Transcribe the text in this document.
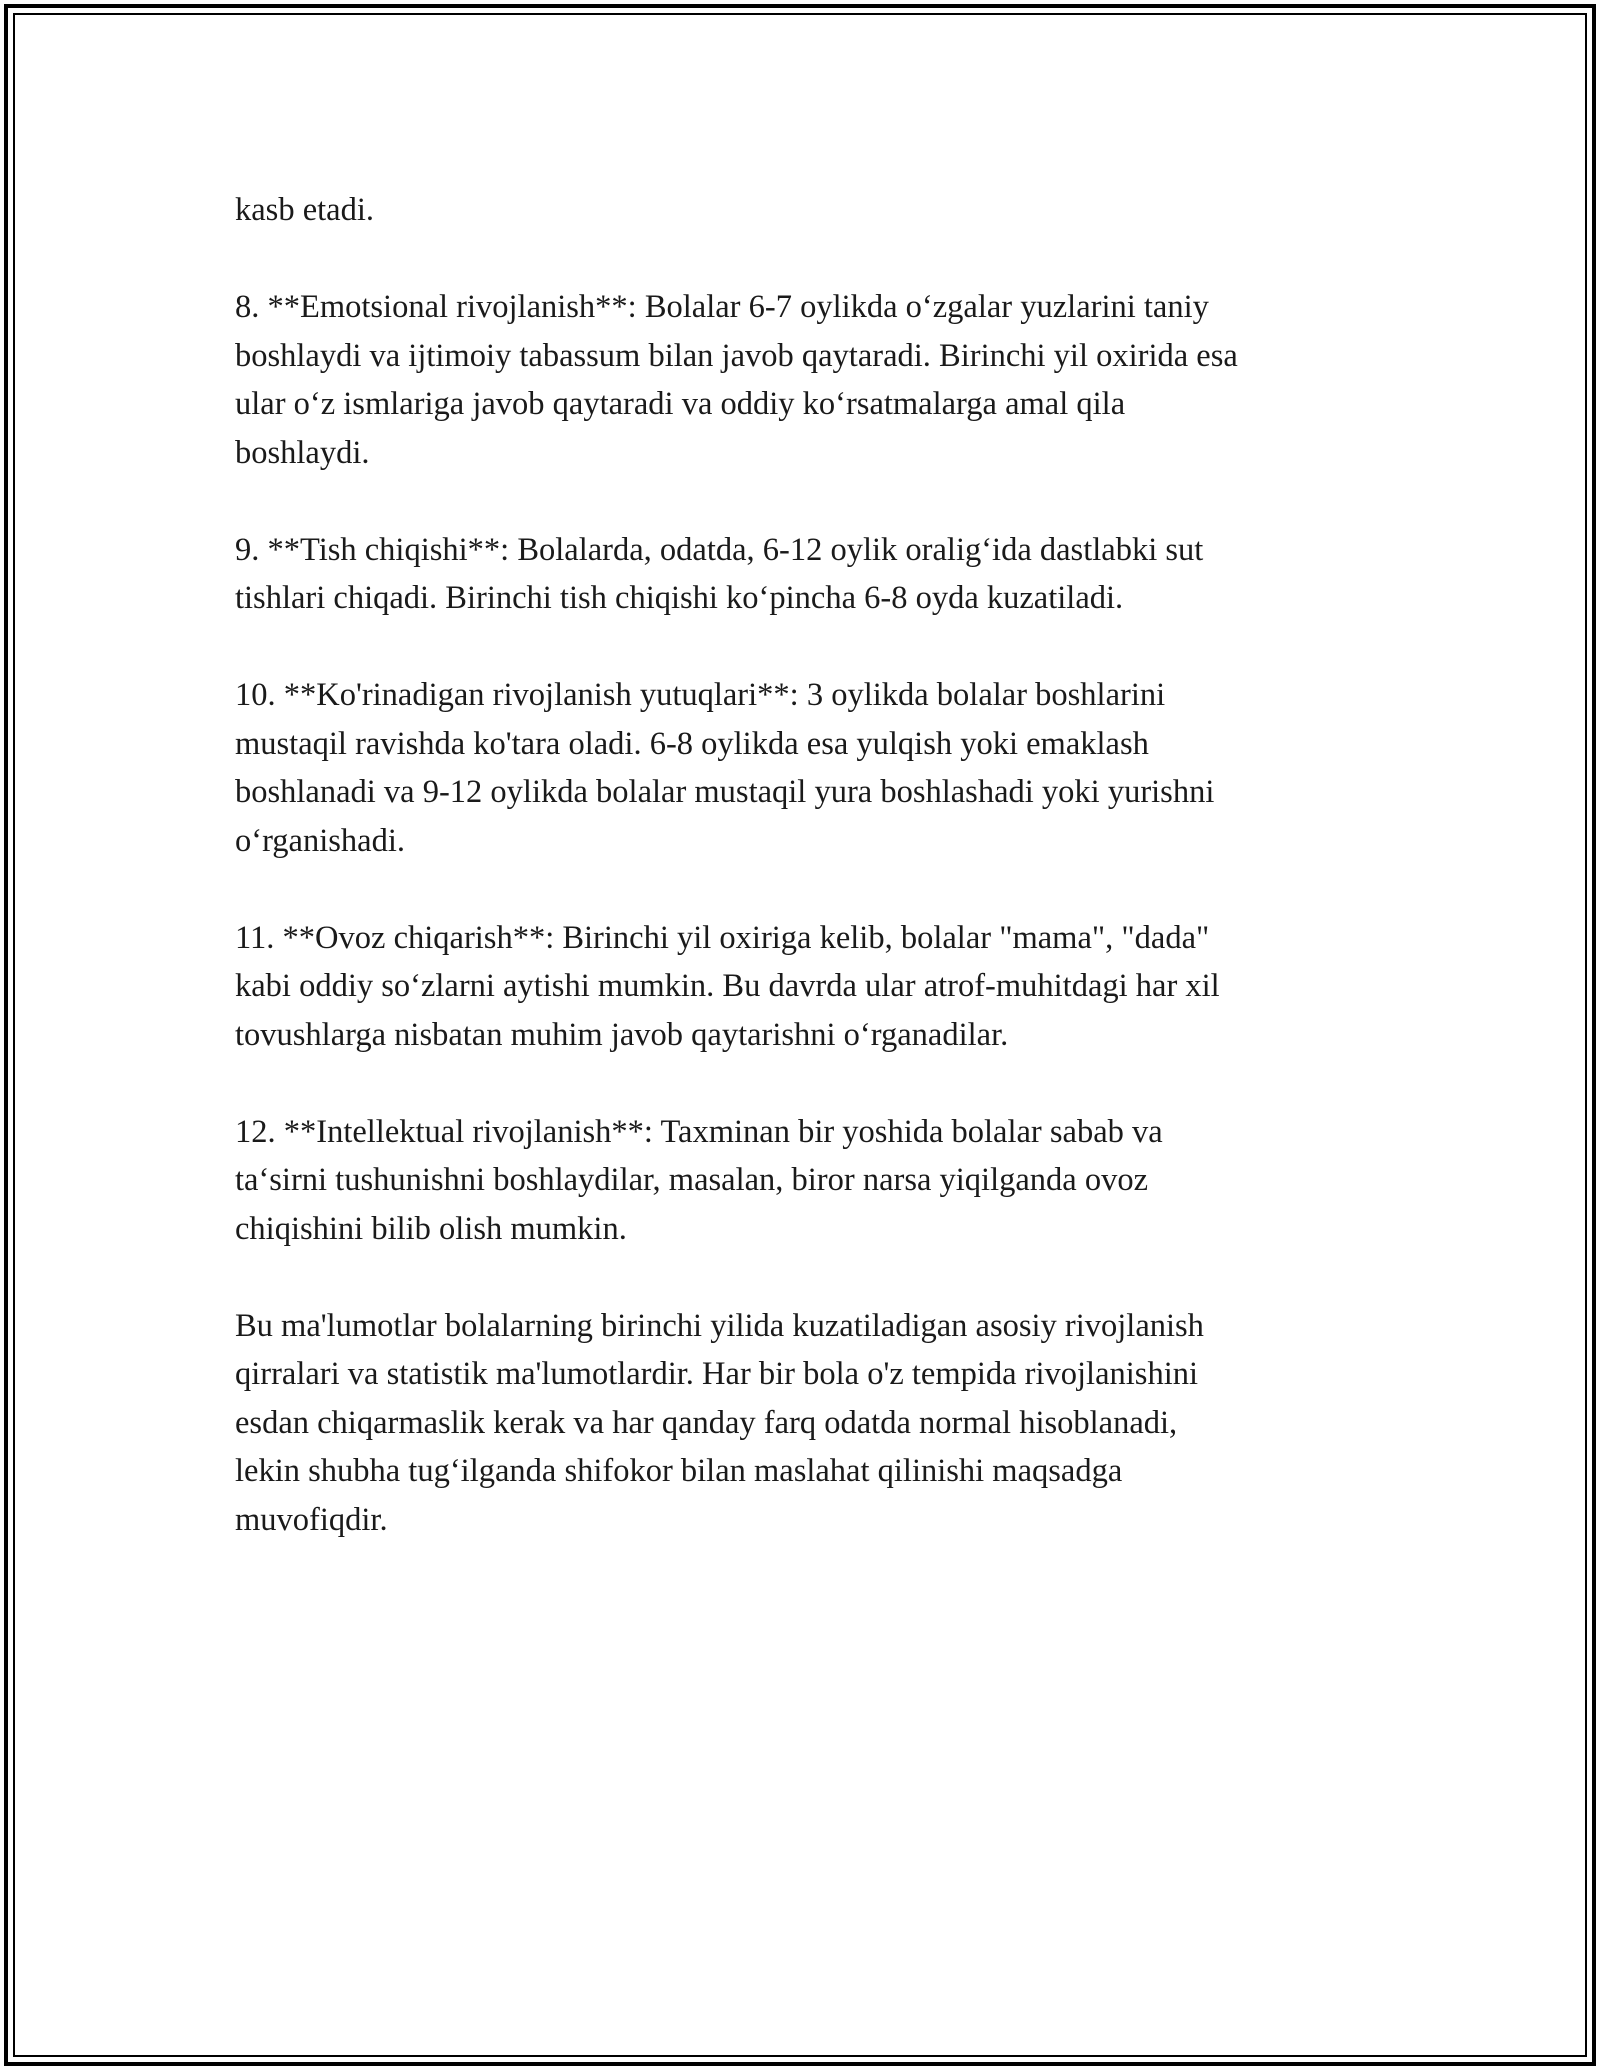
kasb etadi.

8. **Emotsional rivojlanish**: Bolalar 6-7 oylikda o‘zgalar yuzlarini taniy
boshlaydi va ijtimoiy tabassum bilan javob qaytaradi. Birinchi yil oxirida esa
ular o‘z ismlariga javob qaytaradi va oddiy ko‘rsatmalarga amal qila
boshlaydi.

9. **Tish chiqishi**: Bolalarda, odatda, 6-12 oylik oralig‘ida dastlabki sut
tishlari chiqadi. Birinchi tish chiqishi ko‘pincha 6-8 oyda kuzatiladi.

10. **Ko'rinadigan rivojlanish yutuqlari**: 3 oylikda bolalar boshlarini
mustaqil ravishda ko'tara oladi. 6-8 oylikda esa yulqish yoki emaklash
boshlanadi va 9-12 oylikda bolalar mustaqil yura boshlashadi yoki yurishni
o‘rganishadi.

11. **Ovoz chiqarish**: Birinchi yil oxiriga kelib, bolalar "mama", "dada"
kabi oddiy so‘zlarni aytishi mumkin. Bu davrda ular atrof-muhitdagi har xil
tovushlarga nisbatan muhim javob qaytarishni o‘rganadilar.

12. **Intellektual rivojlanish**: Taxminan bir yoshida bolalar sabab va
ta‘sirni tushunishni boshlaydilar, masalan, biror narsa yiqilganda ovoz
chiqishini bilib olish mumkin.

Bu ma'lumotlar bolalarning birinchi yilida kuzatiladigan asosiy rivojlanish
qirralari va statistik ma'lumotlardir. Har bir bola o'z tempida rivojlanishini
esdan chiqarmaslik kerak va har qanday farq odatda normal hisoblanadi,
lekin shubha tug‘ilganda shifokor bilan maslahat qilinishi maqsadga
muvofiqdir.
